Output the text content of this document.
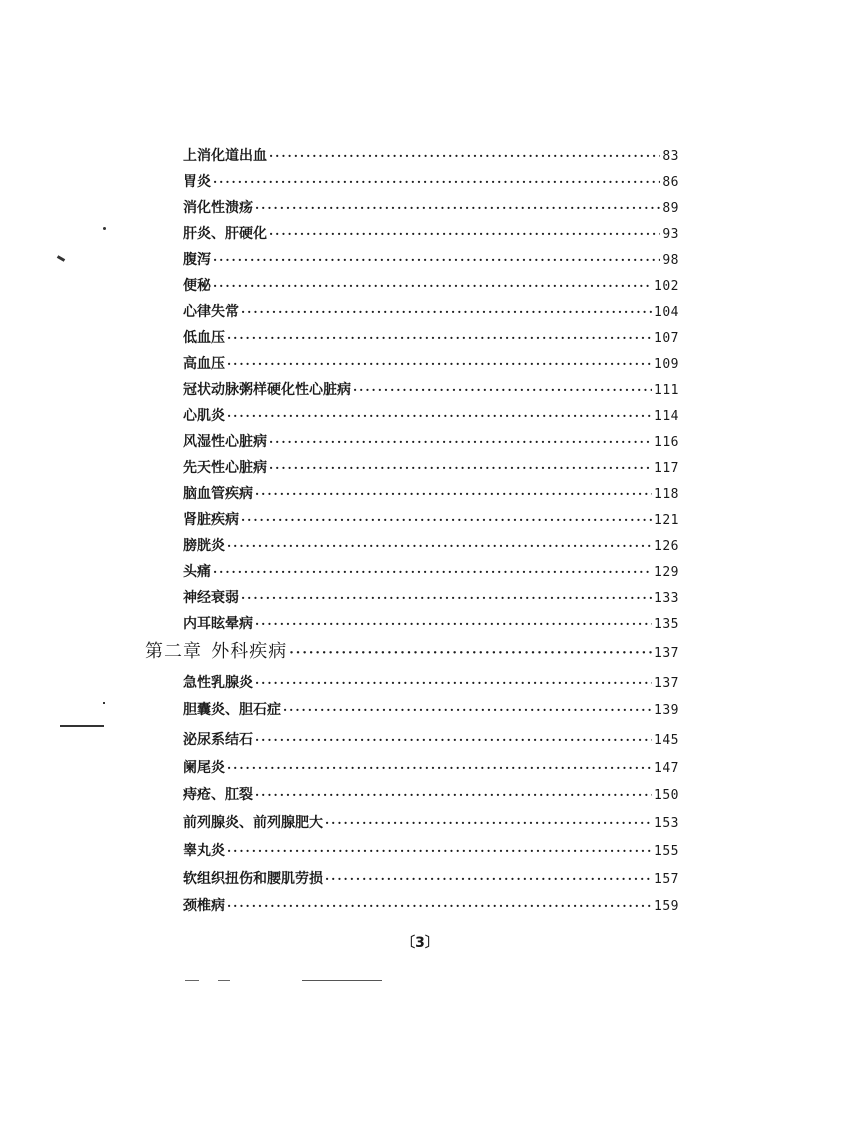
上消化道出血 ·····	83
胃炎 ·····	86
消化性溃疡 ·····	89
肝炎、肝硬化 ·····	93
腹泻 ·····	98
便秘 ·····	102
心律失常 ·····	104
低血压 ·····	107
高血压 ·····	109
冠状动脉粥样硬化性心脏病 ·····	111
心肌炎 ·····	114
风湿性心脏病 ·····	116
先天性心脏病 ·····	117
脑血管疾病 ·····	118
肾脏疾病 ·····	121
膀胱炎 ·····	126
头痛 ·····	129
神经衰弱 ·····	133
内耳眩晕病 ·····	135
第二章 外科疾病 ·····	137
急性乳腺炎 ·····	137
胆囊炎、胆石症 ·····	139
泌尿系结石 ·····	145
阑尾炎 ·····	147
痔疮、肛裂 ·····	150
前列腺炎、前列腺肥大 ·····	153
睾丸炎 ·····	155
软组织扭伤和腰肌劳损 ·····	157
颈椎病 ·····	159
〔3〕
